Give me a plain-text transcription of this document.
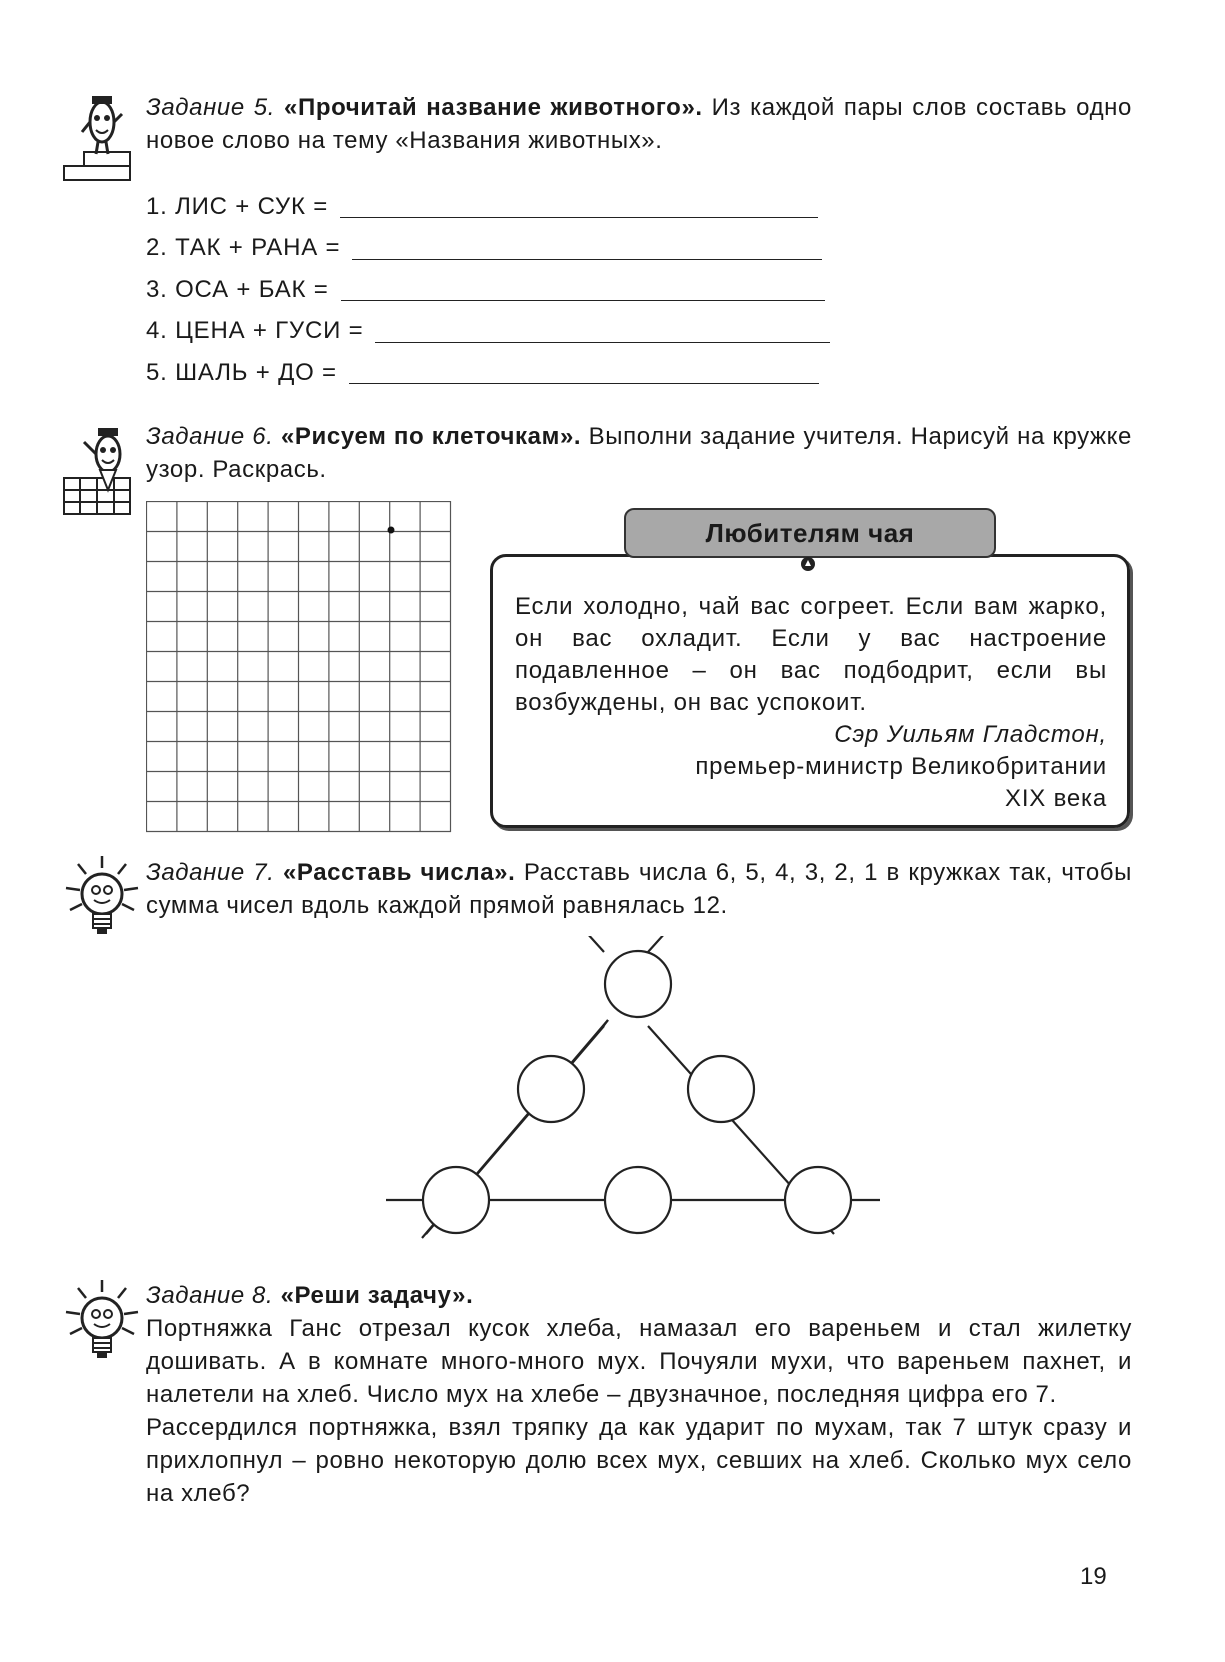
Задание 5. «Прочитай название животного». Из каждой пары слов составь одно новое слово на тему «Названия животных».
1. ЛИС + СУК =
2. ТАК + РАНА =
3. ОСА + БАК =
4. ЦЕНА + ГУСИ =
5. ШАЛЬ + ДО =
Задание 6. «Рисуем по клеточкам». Выполни задание учителя. Нарисуй на кружке узор. Раскрась.
Если холодно, чай вас согреет. Если вам жарко, он вас охладит. Если у вас настроение подавленное – он вас подбодрит, если вы возбуждены, он вас успокоит.
Сэр Уильям Гладстон,
премьер-министр Великобритании
XIX века
Любителям чая
Задание 7. «Расставь числа». Расставь числа 6, 5, 4, 3, 2, 1 в кружках так, чтобы сумма чисел вдоль каждой прямой равнялась 12.
Задание 8. «Реши задачу».
Портняжка Ганс отрезал кусок хлеба, намазал его вареньем и стал жилетку дошивать. А в комнате много-много мух. Почуяли мухи, что вареньем пахнет, и налетели на хлеб. Число мух на хлебе – двузначное, последняя цифра его 7.
Рассердился портняжка, взял тряпку да как ударит по мухам, так 7 штук сразу и прихлопнул – ровно некоторую долю всех мух, севших на хлеб. Сколько мух село на хлеб?
19
